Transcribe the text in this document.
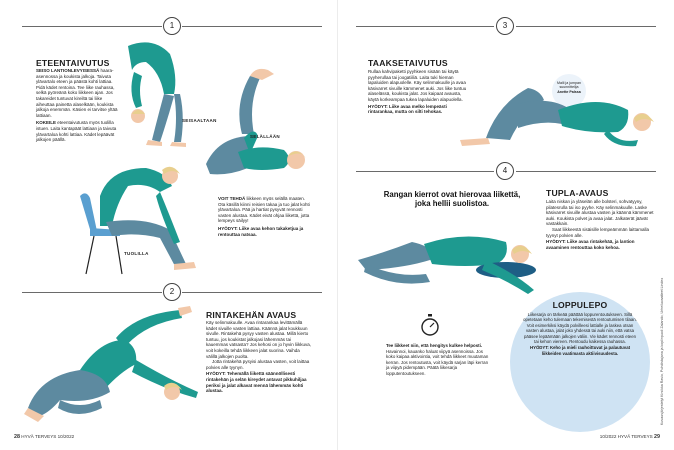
1
ETEENTAIVUTUS
SEISO LANTIONLEVYISESSÄ haara-asennossa ja koukista jalkoja. Taivuta ylävartalo eteen ja päästä kohti lattiaa. Pidä kädet rentoina. Tee liike rauhassa, selkä pyöreänä koko liikkeen ajan. Jos takareidet tuntuvat kireiltä tai liike aiheuttaa painetta alaselkään, koukista jalkoja enemmän. Käsien ei tarvitse yltää lattiaan.
KOKEILE eteentaivutusta myös tuolilla istuen. Laita kantapäät lattiaan ja taivuta ylävartaloa kohti lattiaa. Kädet lepäävät jalkojen päällä.
SEISAALTAAN
SELÄLLÄÄN
TUOLILLA
VOIT TEHDÄ liikkeen myös selällä maaten. Ota käsillä kiinni reisien takaa ja tuo jalat kohti ylävartaloa. Pää ja hartiat pysyvät rennosti vasten alustaa. Kädet eivät ohjaa liikettä, jotta lempeys säilyy!
HYÖDYT: Liike avaa kehon takaketjua ja rentouttaa natsaa.
2
RINTAKEHÄN AVAUS
Käy selinmakuulle. Avaa rintarankaa levittämällä kädet sivuille vasten lattiaa. Käännä jalat koukkuun sivulle. Rintakehä pysyy vasten alustaa. Millä kierto tuntuu, jos koukistat jalkojasi lähemmäs tai kauemmas vatsasta? Jos kehosi on jo hyvin liikkuva, voit kokeilla tehdä liikkeen jalat suorina. Vaihda välillä jalkojen puolta.
Jotta rintakehä pysyisi alustaa vasten, voit laittaa polvies alle tyynyn.
HYÖDYT: Tehemällä liikettä säännöllisesti rintakehän ja selän kireydet antavat pikkuhiljaa periksi ja jalat alkavat mennä lähemmäs kohti alustaa.
28 HYVÄ TERVEYS 10/2022
3
TAAKSETAIVUTUS
Rullaa kahvipaketti pyyhkeen sisään tai käytä pyyherullaa tai joogatiiliä. Laita tuki hieman lapaluiden alapuolelle. Käy selinmakuulle ja avaa käsivarret sivuille kämmenet auki. Jos liike tuntuu alaselässä, koukista jalat. Jos kaipaat avausta, käytä korkeampaa tukea lapaluiden alapuolella.
HYÖDYT: Liike avaa melko lempeästi rintarankaa, mutta on silti tehokas.
Malli ja jumpan
suunnittelija
Anette Palssa
4
Rangan kierrot ovat hierovaa liikettä, joka hellii suolistoa.
TUPLA-AVAUS
Laita niskan ja yläselän alle bolsteri, sohvatyyny, pilatesrulla tai iso pyyhe. Käy selinmakuulle. Laske käsivarret sivuille alustaa vasten ja käännä kämmenet auki. Koukista polvet ja avaa jalat. Jalkaterät jäävät vastakkain.
Saat liikkeestä sisäisille lempeämmän laittamalla tyynyt polvien alle.
HYÖDYT: Liike avaa rintakehää, ja lantion avaaminen rentouttaa koko kehoa.
Tee liikkeet niin, että hengitys kulkee helposti. Havainnoi, kauanko haluat viipyä asennoissa. Jos koko kaipaa aktivointia, voit tehdä liikkeet muutaman kerran. Jos rentoutusta, voit käydä sarjan läpi kerran ja viipyä pidempään. Päätä liikesarja lopputentoutukseen.
LOPPULEPO
Liikesarja on tärkeää päättää loppurentoutukseen. Sillä opetetaan keho tulemaan tekemisestä rentoutumisen tilaan. Voit esimerkiksi käydä polvilleesi lattialle ja laskea otsan vasten alustaa, jalat joko yhdessä tai auki niin, että vatsa pääsee lepäämään jalkojen väliin. Vie kädet rennosti eteen tai kehon viereen. Rentoudu kaikessa rauhassa.
HYÖDYT: Keho ja mieli rauhoittuvat ja palautuvat liikkeiden vaatimasta aktiivisuudesta.	Kuvausjärjestelyt Kirsikka Ravio, Puhdistajana ja koplinpuoli Zalando, Urheiluvaatteet Lindex
10/2022 HYVÄ TERVEYS 29
